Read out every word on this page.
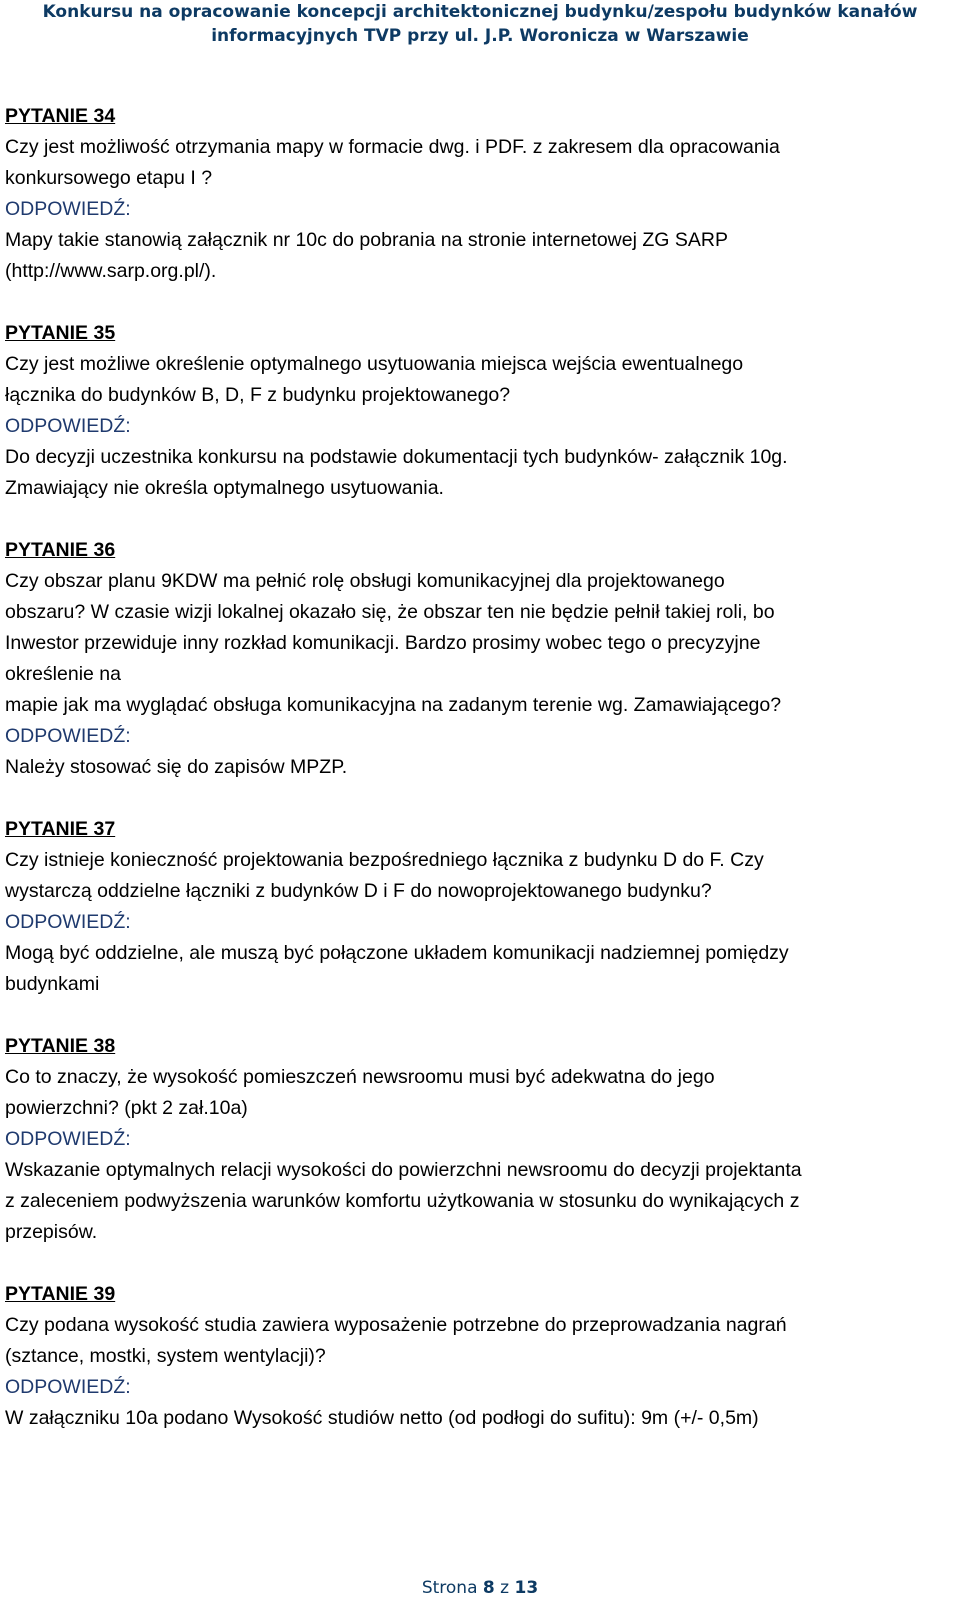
Konkursu na opracowanie koncepcji architektonicznej budynku/zespołu budynków kanałów
informacyjnych TVP przy ul. J.P. Woronicza w Warszawie
PYTANIE 34
Czy jest możliwość otrzymania mapy w formacie dwg. i PDF. z zakresem dla opracowania
konkursowego etapu I ?
ODPOWIEDŹ:
Mapy takie stanowią załącznik nr 10c do pobrania na stronie internetowej ZG SARP
(http://www.sarp.org.pl/).
PYTANIE 35
Czy jest możliwe określenie optymalnego usytuowania miejsca wejścia ewentualnego
łącznika do budynków B, D, F z budynku projektowanego?
ODPOWIEDŹ:
Do decyzji uczestnika konkursu na podstawie dokumentacji tych budynków- załącznik 10g.
Zmawiający nie określa optymalnego usytuowania.
PYTANIE 36
Czy obszar planu 9KDW ma pełnić rolę obsługi komunikacyjnej dla projektowanego
obszaru? W czasie wizji lokalnej okazało się, że obszar ten nie będzie pełnił takiej roli, bo
Inwestor przewiduje inny rozkład komunikacji. Bardzo prosimy wobec tego o precyzyjne
określenie na
mapie jak ma wyglądać obsługa komunikacyjna na zadanym terenie wg. Zamawiającego?
ODPOWIEDŹ:
Należy stosować się do zapisów MPZP.
PYTANIE 37
Czy istnieje konieczność projektowania bezpośredniego łącznika z budynku D do F. Czy
wystarczą oddzielne łączniki z budynków D i F do nowoprojektowanego budynku?
ODPOWIEDŹ:
Mogą być oddzielne, ale muszą być połączone układem komunikacji nadziemnej pomiędzy
budynkami
PYTANIE 38
Co to znaczy, że wysokość pomieszczeń newsroomu musi być adekwatna do jego
powierzchni? (pkt 2 zał.10a)
ODPOWIEDŹ:
Wskazanie optymalnych relacji wysokości do powierzchni newsroomu do decyzji projektanta
z zaleceniem podwyższenia warunków komfortu użytkowania w stosunku do wynikających z
przepisów.
PYTANIE 39
Czy podana wysokość studia zawiera wyposażenie potrzebne do przeprowadzania nagrań
(sztance, mostki, system wentylacji)?
ODPOWIEDŹ:
W załączniku 10a podano Wysokość studiów netto (od podłogi do sufitu): 9m (+/- 0,5m)
Strona 8 z 13
